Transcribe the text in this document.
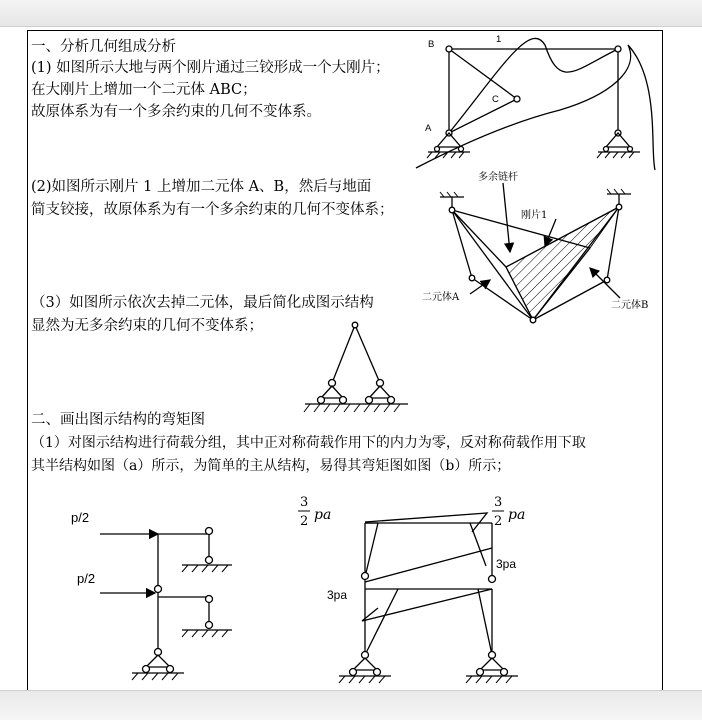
一、分析几何组成分析
(1) 如图所示大地与两个刚片通过三铰形成一个大刚片；
在大刚片上增加一个二元体 ABC；
故原体系为有一个多余约束的几何不变体系。
(2)如图所示刚片 1 上增加二元体 A、B，然后与地面
简支铰接，故原体系为有一个多余约束的几何不变体系；
（3）如图所示依次去掉二元体，最后简化成图示结构
显然为无多余约束的几何不变体系；
二、画出图示结构的弯矩图
（1）对图示结构进行荷载分组，其中正对称荷载作用下的内力为零，反对称荷载作用下取
其半结构如图（a）所示，为简单的主从结构，易得其弯矩图如图（b）所示；
B	1
C
A
多余链杆
刚片1
二元体A
二元体B
p/2
p/2
3
2 pa
3
2 pa
3pa
3pa
